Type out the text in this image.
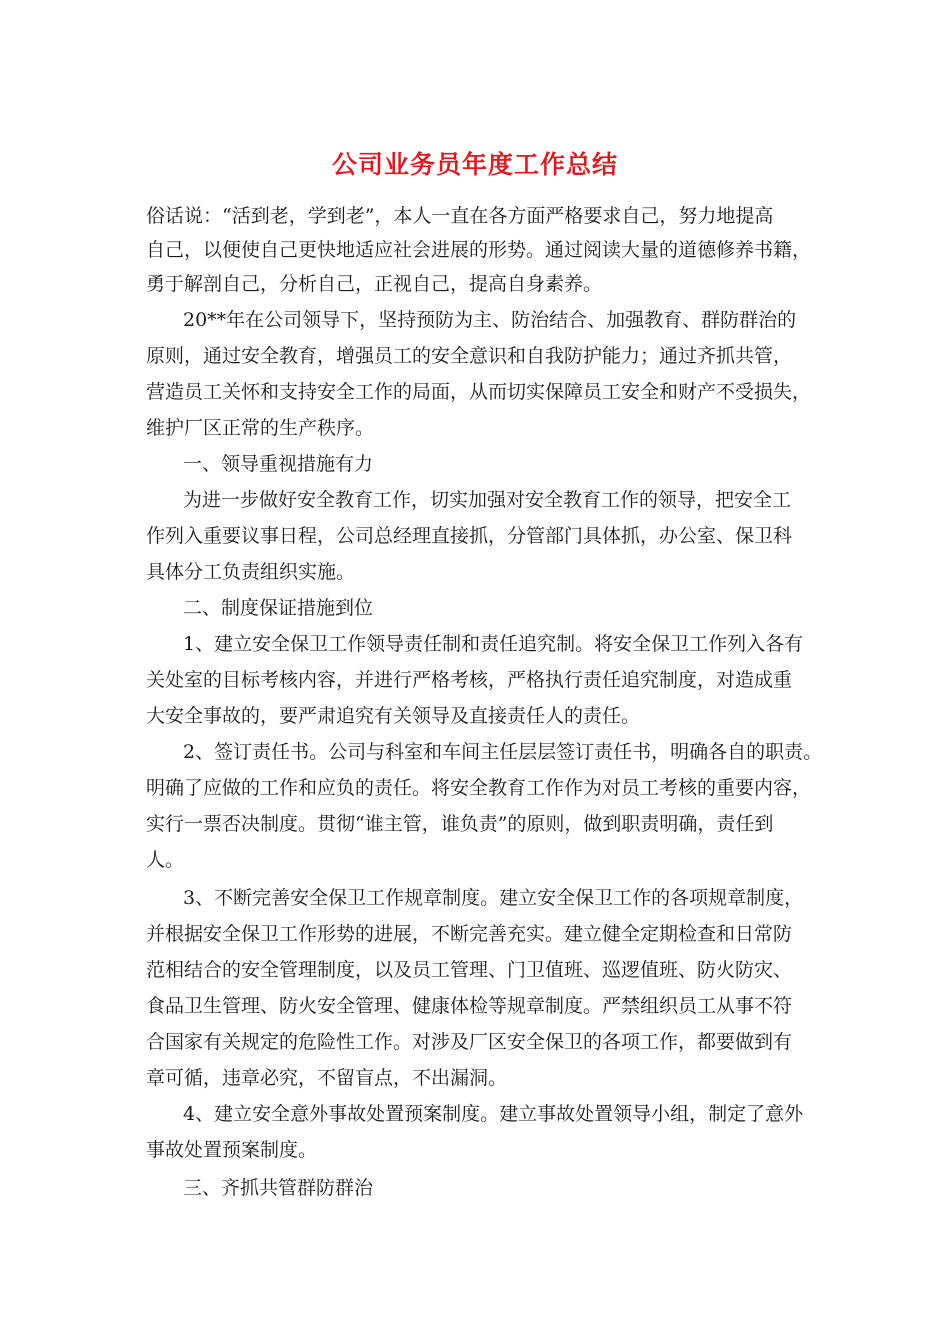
公司业务员年度工作总结
俗话说：“活到老，学到老”，本人一直在各方面严格要求自己，努力地提高
自己，以便使自己更快地适应社会进展的形势。通过阅读大量的道德修养书籍，
勇于解剖自己，分析自己，正视自己，提高自身素养。
20**年在公司领导下，坚持预防为主、防治结合、加强教育、群防群治的
原则，通过安全教育，增强员工的安全意识和自我防护能力；通过齐抓共管，
营造员工关怀和支持安全工作的局面，从而切实保障员工安全和财产不受损失，
维护厂区正常的生产秩序。
一、领导重视措施有力
为进一步做好安全教育工作，切实加强对安全教育工作的领导，把安全工
作列入重要议事日程，公司总经理直接抓，分管部门具体抓，办公室、保卫科
具体分工负责组织实施。
二、制度保证措施到位
1、建立安全保卫工作领导责任制和责任追究制。将安全保卫工作列入各有
关处室的目标考核内容，并进行严格考核，严格执行责任追究制度，对造成重
大安全事故的，要严肃追究有关领导及直接责任人的责任。
2、签订责任书。公司与科室和车间主任层层签订责任书，明确各自的职责。
明确了应做的工作和应负的责任。将安全教育工作作为对员工考核的重要内容，
实行一票否决制度。贯彻“谁主管，谁负责”的原则，做到职责明确，责任到
人。
3、不断完善安全保卫工作规章制度。建立安全保卫工作的各项规章制度，
并根据安全保卫工作形势的进展，不断完善充实。建立健全定期检查和日常防
范相结合的安全管理制度，以及员工管理、门卫值班、巡逻值班、防火防灾、
食品卫生管理、防火安全管理、健康体检等规章制度。严禁组织员工从事不符
合国家有关规定的危险性工作。对涉及厂区安全保卫的各项工作，都要做到有
章可循，违章必究，不留盲点，不出漏洞。
4、建立安全意外事故处置预案制度。建立事故处置领导小组，制定了意外
事故处置预案制度。
三、齐抓共管群防群治
